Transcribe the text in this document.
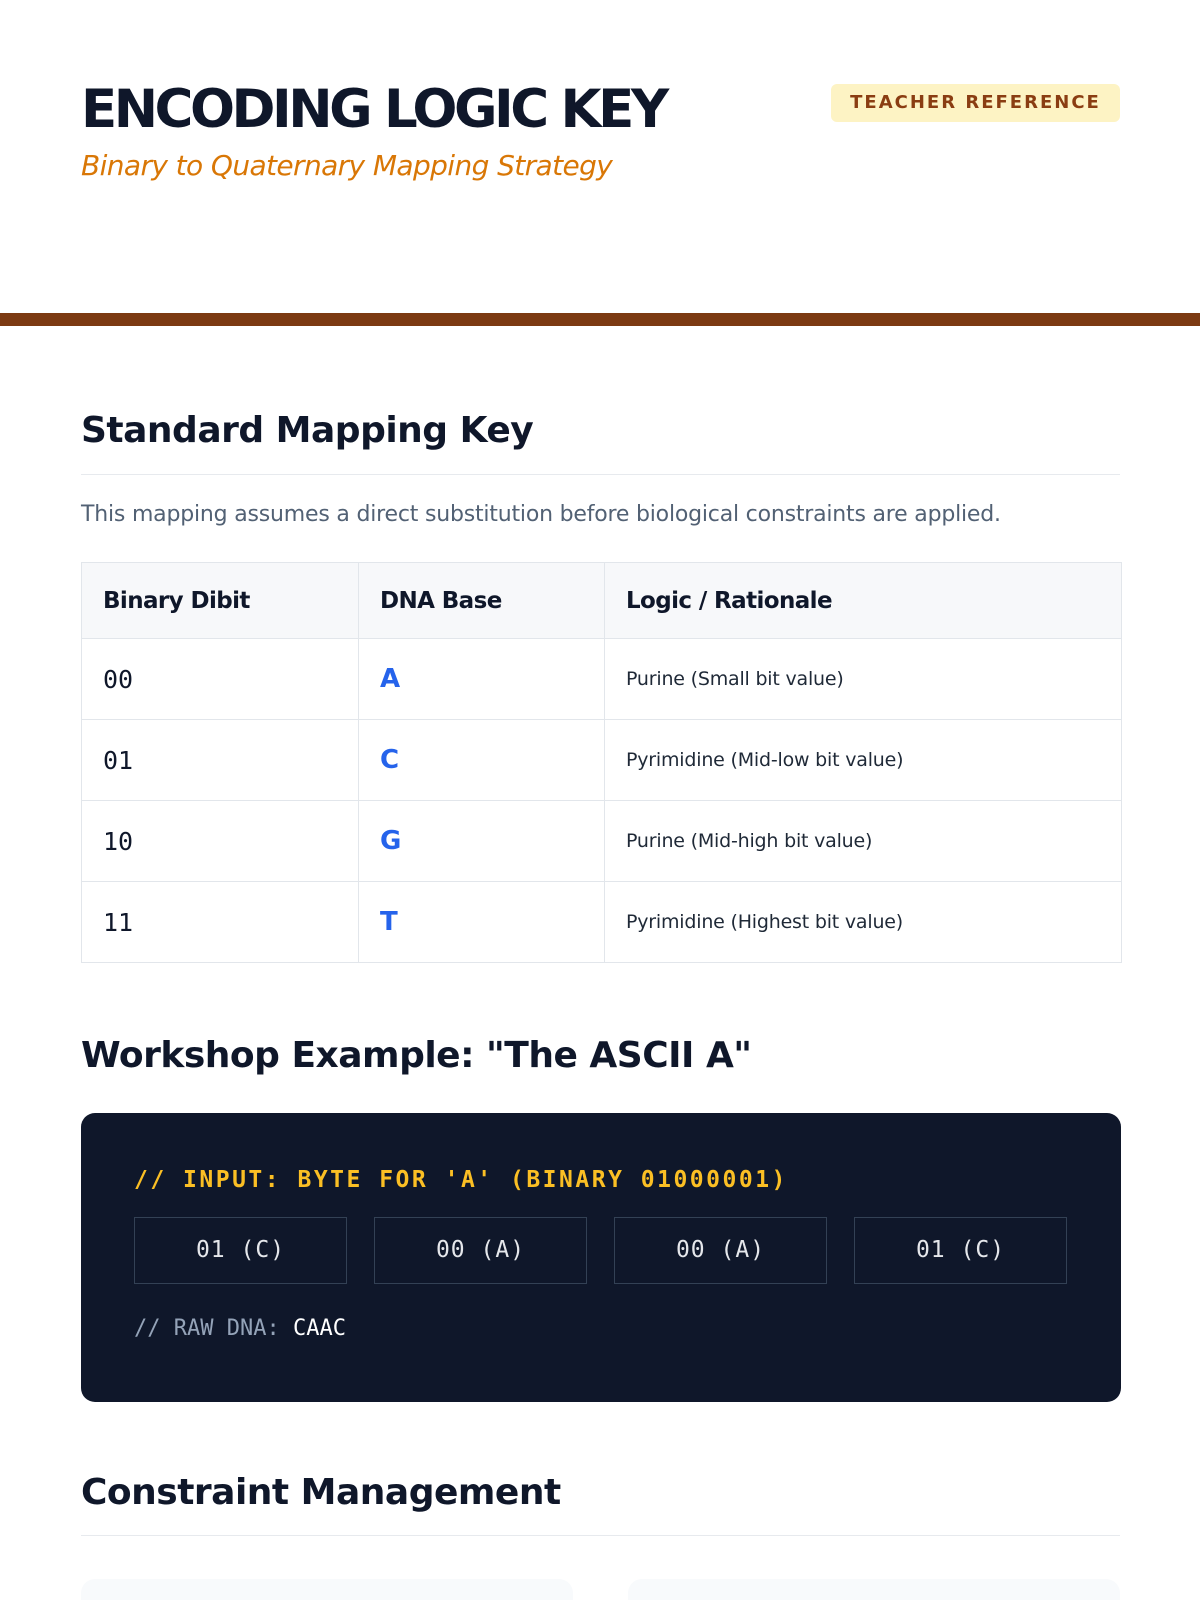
ENCODING LOGIC KEY

Binary to Quaternary Mapping Strategy

TEACHER REFERENCE
Standard Mapping Key

This mapping assumes a direct substitution before biological constraints are applied.

Binary Dibit	DNA Base	Logic / Rationale
00	A	Purine (Small bit value)
01	C	Pyrimidine (Mid-low bit value)
10	G	Purine (Mid-high bit value)
11	T	Pyrimidine (Highest bit value)
Workshop Example: "The ASCII A"
// INPUT: BYTE FOR 'A' (BINARY 01000001)
01 (C)	00 (A)	00 (A)	01 (C)
// RAW DNA: CAAC
Constraint Management
